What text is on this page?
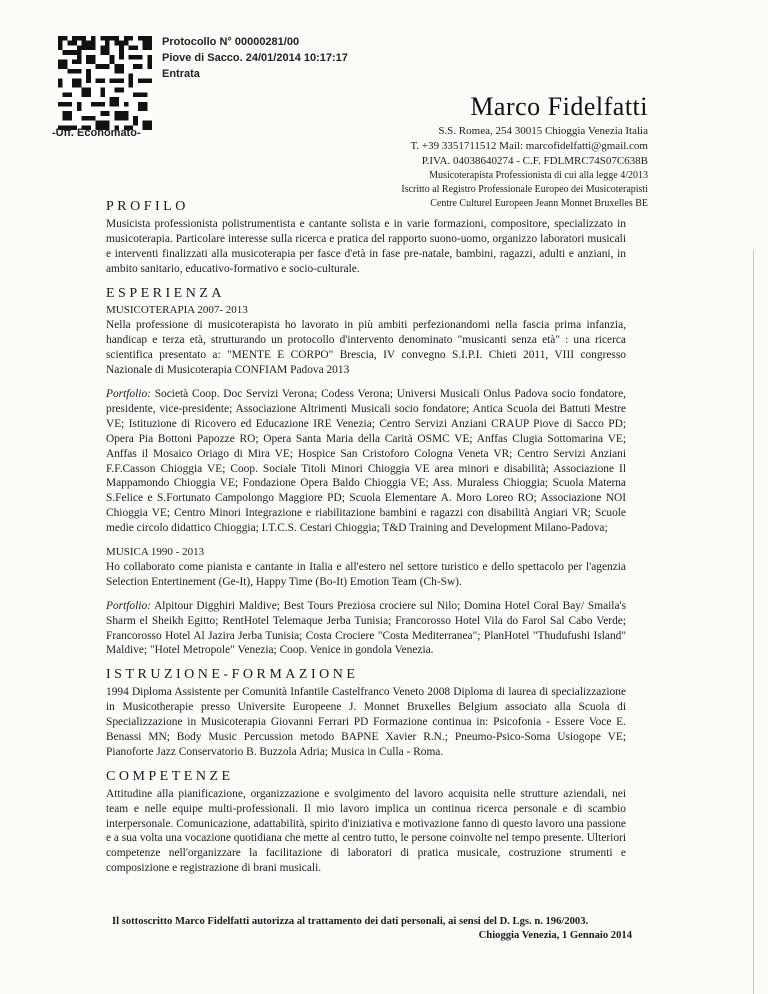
Protocollo N° 00000281/00
Piove di Sacco. 24/01/2014 10:17:17
Entrata
-Uff. Economato-
Marco Fidelfatti
S.S. Romea, 254 30015 Chioggia Venezia Italia
T. +39 3351711512 Mail: marcofidelfatti@gmail.com
P.IVA. 04038640274 - C.F. FDLMRC74S07C638B
Musicoterapista Professionista di cui alla legge 4/2013
Iscritto al Registro Professionale Europeo dei Musicoterapisti
Centre Culturel Europeen Jeann Monnet Bruxelles BE
PROFILO

Musicista professionista polistrumentista e cantante solista e in varie formazioni, compositore, specializzato in musicoterapia. Particolare interesse sulla ricerca e pratica del rapporto suono-uomo, organizzo laboratori musicali e interventi finalizzati alla musicoterapia per fasce d'età in fase pre-natale, bambini, ragazzi, adulti e anziani, in ambito sanitario, educativo-formativo e socio-culturale.

ESPERIENZA
MUSICOTERAPIA 2007- 2013

Nella professione di musicoterapista ho lavorato in più ambiti perfezionandomi nella fascia prima infanzia, handicap e terza età, strutturando un protocollo d'intervento denominato "musicanti senza età" : una ricerca scientifica presentato a: "MENTE E CORPO" Brescia, IV convegno S.I.P.I. Chieti 2011, VIII congresso Nazionale di Musicoterapia CONFIAM Padova 2013

Portfolio: Società Coop. Doc Servizi Verona; Codess Verona; Universi Musicali Onlus Padova socio fondatore, presidente, vice-presidente; Associazione Altrimenti Musicali socio fondatore; Antica Scuola dei Battuti Mestre VE; Istituzione di Ricovero ed Educazione IRE Venezia; Centro Servizi Anziani CRAUP Piove di Sacco PD; Opera Pia Bottoni Papozze RO; Opera Santa Maria della Carità OSMC VE; Anffas Clugia Sottomarina VE; Anffas il Mosaico Oriago di Mira VE; Hospice San Cristoforo Cologna Veneta VR; Centro Servizi Anziani F.F.Casson Chioggia VE; Coop. Sociale Titoli Minori Chioggia VE area minori e disabilità; Associazione Il Mappamondo Chioggia VE; Fondazione Opera Baldo Chioggia VE; Ass. Muraless Chioggia; Scuola Materna S.Felice e S.Fortunato Campolongo Maggiore PD; Scuola Elementare A. Moro Loreo RO; Associazione NOI Chioggia VE; Centro Minori Integrazione e riabilitazione bambini e ragazzi con disabilità Angiari VR; Scuole medie circolo didattico Chioggia; I.T.C.S. Cestari Chioggia; T&D Training and Development Milano-Padova;

MUSICA 1990 - 2013

Ho collaborato come pianista e cantante in Italia e all'estero nel settore turistico e dello spettacolo per l'agenzia Selection Entertinement (Ge-It), Happy Time (Bo-It) Emotion Team (Ch-Sw).

Portfolio: Alpitour Digghiri Maldive; Best Tours Preziosa crociere sul Nilo; Domina Hotel Coral Bay/ Smaila's Sharm el Sheikh Egitto; RentHotel Telemaque Jerba Tunisia; Francorosso Hotel Vila do Farol Sal Cabo Verde; Francorosso Hotel Al Jazira Jerba Tunisia; Costa Crociere "Costa Mediterranea"; PlanHotel "Thudufushi Island" Maldive; "Hotel Metropole" Venezia; Coop. Venice in gondola Venezia.

ISTRUZIONE-FORMAZIONE

1994 Diploma Assistente per Comunità Infantile Castelfranco Veneto 2008 Diploma di laurea di specializzazione in Musicotherapie presso Universite Europeene J. Monnet Bruxelles Belgium associato alla Scuola di Specializzazione in Musicoterapia Giovanni Ferrari PD Formazione continua in: Psicofonia - Essere Voce E. Benassi MN; Body Music Percussion metodo BAPNE Xavier R.N.; Pneumo-Psico-Soma Usiogope VE; Pianoforte Jazz Conservatorio B. Buzzola Adria; Musica in Culla - Roma.

COMPETENZE

Attitudine alla pianificazione, organizzazione e svolgimento del lavoro acquisita nelle strutture aziendali, nei team e nelle equipe multi-professionali. Il mio lavoro implica un continua ricerca personale e di scambio interpersonale. Comunicazione, adattabilità, spirito d'iniziativa e motivazione fanno di questo lavoro una passione e a sua volta una vocazione quotidiana che mette al centro tutto, le persone coinvolte nel tempo presente. Ulteriori competenze nell'organizzare la facilitazione di laboratori di pratica musicale, costruzione strumenti e composizione e registrazione di brani musicali.

Il sottoscritto Marco Fidelfatti autorizza al trattamento dei dati personali, ai sensi del D. Lgs. n. 196/2003.
Chioggia Venezia, 1 Gennaio 2014
